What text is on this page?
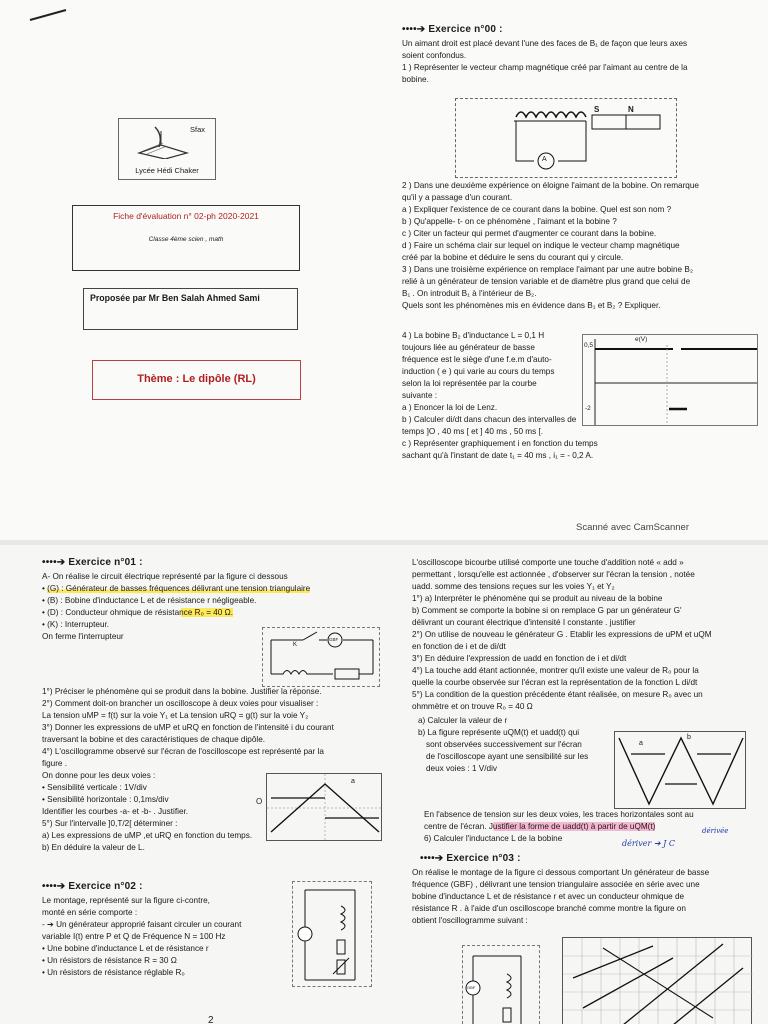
Sfax
Lycée Hédi Chaker
Fiche d'évaluation n° 02-ph 2020-2021
Classe 4ème scien , math
Proposée par Mr Ben Salah Ahmed Sami
Thème : Le dipôle (RL)
••••➔ Exercice n°00 :
Un aimant droit est placé devant l'une des faces de B₁ de façon que leurs axes
soient confondus.
1 ) Représenter le vecteur champ magnétique créé par l'aimant au centre de la
bobine.
A
S	N
2 ) Dans une deuxième expérience on éloigne l'aimant de la bobine. On remarque
qu'il y a passage d'un courant.
a ) Expliquer l'existence de ce courant dans la bobine. Quel est son nom ?
b ) Qu'appelle- t- on ce phénomène , l'aimant et la bobine ?
c ) Citer un facteur qui permet d'augmenter ce courant dans la bobine.
d ) Faire un schéma clair sur lequel on indique le vecteur champ magnétique
créé par la bobine et déduire le sens du courant qui y circule.
3 ) Dans une troisième expérience on remplace l'aimant par une autre bobine B₂
relié à un générateur de tension variable et de diamètre plus grand que celui de
B₁ . On introduit B₁ à l'intérieur de B₂.
Quels sont les phénomènes mis en évidence dans B₁ et B₂ ? Expliquer.
4 ) La bobine B₂ d'inductance L = 0,1 H
toujours liée au générateur de basse
fréquence est le siège d'une f.e.m d'auto-
induction ( e ) qui varie au cours du temps
selon la loi représentée par la courbe
suivante :
a ) Enoncer la loi de Lenz.
b ) Calculer di/dt dans chacun des intervalles de
temps ]O , 40 ms [ et ] 40 ms , 50 ms [.
c ) Représenter graphiquement i en fonction du temps
sachant qu'à l'instant de date t₁ = 40 ms , i₁ = - 0,2 A.
e(V)
0,5
-2
Scanné avec CamScanner
••••➔ Exercice n°01 :
A- On réalise le circuit électrique représenté par la figure ci dessous
• (G) : Générateur de basses fréquences délivrant une tension triangulaire
• (B) : Bobine d'inductance L et de résistance r négligeable.
• (D) : Conducteur ohmique de résistance R₀ = 40 Ω.
• (K) : Interrupteur.
On ferme l'interrupteur
K
GBF
1°) Préciser le phénomène qui se produit dans la bobine. Justifier la réponse.
2°) Comment doit-on brancher un oscilloscope à deux voies pour visualiser :
La tension uMP = f(t) sur la voie Y₁ et La tension uRQ = g(t) sur la voie Y₂
3°) Donner les expressions de uMP et uRQ en fonction de l'intensité i du courant
traversant la bobine et des caractéristiques de chaque dipôle.
4°) L'oscillogramme observé sur l'écran de l'oscilloscope est représenté par la
figure .
On donne pour les deux voies :
• Sensibilité verticale : 1V/div
• Sensibilité horizontale : 0,1ms/div
Identifier les courbes -a- et -b- . Justifier.
5°) Sur l'intervalle ]0,T/2[ déterminer :
a) Les expressions de uMP ,et uRQ en fonction du temps.
b) En déduire la valeur de L.
a
O
••••➔ Exercice n°02 :
Le montage, représenté sur la figure ci-contre,
monté en série comporte :
- ➔ Un générateur approprié faisant circuler un courant
variable I(t) entre P et Q de Fréquence N = 100 Hz
• Une bobine d'inductance L et de résistance r
• Un résistors de résistance R = 30 Ω
• Un résistors de résistance réglable R₀
L'oscilloscope bicourbe utilisé comporte une touche d'addition noté « add »
permettant , lorsqu'elle est actionnée , d'observer sur l'écran la tension , notée
uadd. somme des tensions reçues sur les voies Y₁ et Y₂
1°) a) Interpréter le phénomène qui se produit au niveau de la bobine
b) Comment se comporte la bobine si on remplace G par un générateur G'
délivrant un courant électrique d'intensité I constante . justifier
2°) On utilise de nouveau le générateur G . Etablir les expressions de uPM et uQM
en fonction de i et de di/dt
3°) En déduire l'expression de uadd en fonction de i et di/dt
4°) La touche add étant actionnée, montrer qu'il existe une valeur de R₀ pour la
quelle la courbe observée sur l'écran est la représentation de la fonction L di/dt
5°) La condition de la question précédente étant réalisée, on mesure R₀ avec un
ohmmètre et on trouve R₀ = 40 Ω
a) Calculer la valeur de r
b) La figure représente uQM(t) et uadd(t) qui
sont observées successivement sur l'écran
de l'oscilloscope ayant une sensibilité sur les
deux voies : 1 V/div
a
b
En l'absence de tension sur les deux voies, les traces horizontales sont au
centre de l'écran. Justifier la forme de uadd(t) à partir de uQM(t)
6) Calculer l'inductance L de la bobine
dériver ➔ J C
dérivée
••••➔ Exercice n°03 :
On réalise le montage de la figure ci dessous comportant Un générateur de basse
fréquence (GBF) , délivrant une tension triangulaire associée en série avec une
bobine d'inductance L et de résistance r et avec un conducteur ohmique de
résistance R . à l'aide d'un oscilloscope branché comme montre la figure on
obtient l'oscillogramme suivant :
GBF
2
